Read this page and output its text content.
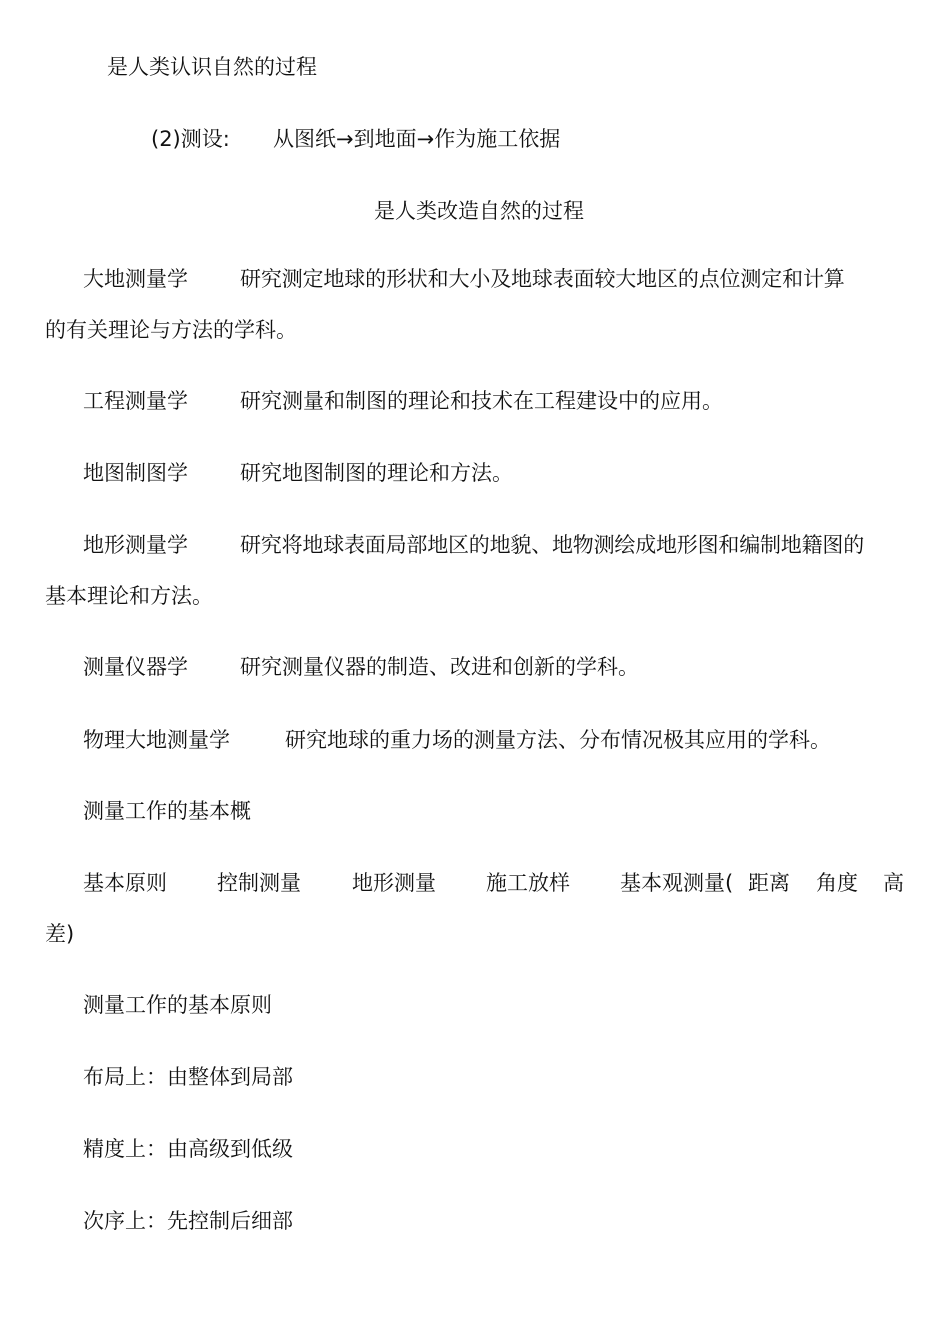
是人类认识自然的过程
(2)测设: 从图纸→到地面→作为施工依据
是人类改造自然的过程
大地测量学 研究测定地球的形状和大小及地球表面较大地区的点位测定和计算
的有关理论与方法的学科。
工程测量学 研究测量和制图的理论和技术在工程建设中的应用。
地图制图学 研究地图制图的理论和方法。
地形测量学 研究将地球表面局部地区的地貌、地物测绘成地形图和编制地籍图的
基本理论和方法。
测量仪器学 研究测量仪器的制造、改进和创新的学科。
物理大地测量学	研究地球的重力场的测量方法、分布情况极其应用的学科。
测量工作的基本概
基本原则 控制测量 地形测量 施工放样 基本观测量( 距离 角度 高
差)
测量工作的基本原则
布局上：由整体到局部
精度上：由高级到低级
次序上：先控制后细部
